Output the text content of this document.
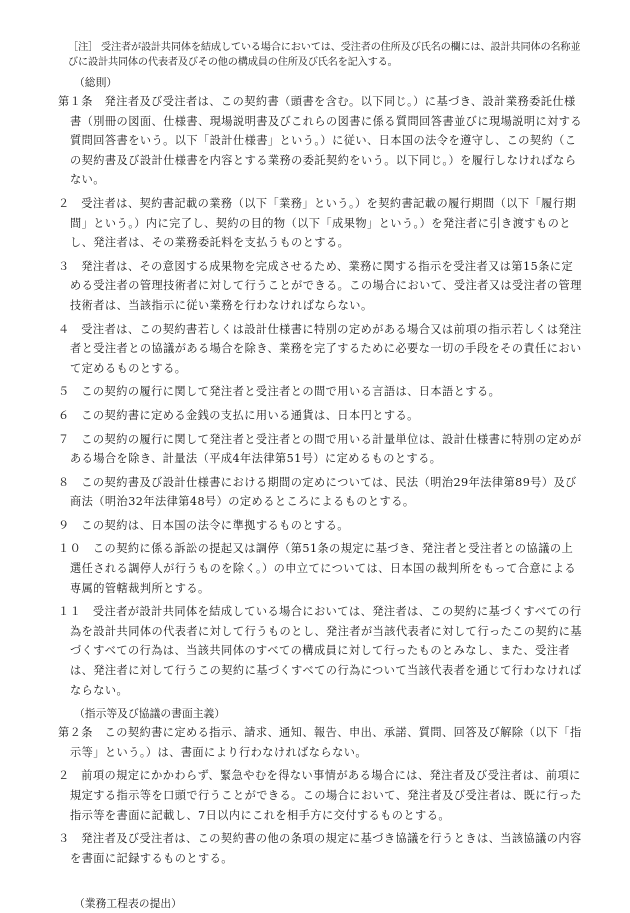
［注］ 受注者が設計共同体を結成している場合においては、受注者の住所及び氏名の欄には、設計共同体の名称並びに設計共同体の代表者及びその他の構成員の住所及び氏名を記入する。

（総則）

第１条　発注者及び受注者は、この契約書（頭書を含む。以下同じ。）に基づき、設計業務委託仕様書（別冊の図面、仕様書、現場説明書及びこれらの図書に係る質問回答書並びに現場説明に対する質問回答書をいう。以下「設計仕様書」という。）に従い、日本国の法令を遵守し、この契約（この契約書及び設計仕様書を内容とする業務の委託契約をいう。以下同じ。）を履行しなければならない。

２　受注者は、契約書記載の業務（以下「業務」という。）を契約書記載の履行期間（以下「履行期間」という。）内に完了し、契約の目的物（以下「成果物」という。）を発注者に引き渡すものとし、発注者は、その業務委託料を支払うものとする。

３　発注者は、その意図する成果物を完成させるため、業務に関する指示を受注者又は第15条に定める受注者の管理技術者に対して行うことができる。この場合において、受注者又は受注者の管理技術者は、当該指示に従い業務を行わなければならない。

４　受注者は、この契約書若しくは設計仕様書に特別の定めがある場合又は前項の指示若しくは発注者と受注者との協議がある場合を除き、業務を完了するために必要な一切の手段をその責任において定めるものとする。

５　この契約の履行に関して発注者と受注者との間で用いる言語は、日本語とする。

６　この契約書に定める金銭の支払に用いる通貨は、日本円とする。

７　この契約の履行に関して発注者と受注者との間で用いる計量単位は、設計仕様書に特別の定めがある場合を除き、計量法（平成4年法律第51号）に定めるものとする。

８　この契約書及び設計仕様書における期間の定めについては、民法（明治29年法律第89号）及び商法（明治32年法律第48号）の定めるところによるものとする。

９　この契約は、日本国の法令に準拠するものとする。

１０　この契約に係る訴訟の提起又は調停（第51条の規定に基づき、発注者と受注者との協議の上選任される調停人が行うものを除く。）の申立てについては、日本国の裁判所をもって合意による専属的管轄裁判所とする。

１１　受注者が設計共同体を結成している場合においては、発注者は、この契約に基づくすべての行為を設計共同体の代表者に対して行うものとし、発注者が当該代表者に対して行ったこの契約に基づくすべての行為は、当該共同体のすべての構成員に対して行ったものとみなし、また、受注者は、発注者に対して行うこの契約に基づくすべての行為について当該代表者を通じて行わなければならない。

（指示等及び協議の書面主義）

第２条　この契約書に定める指示、請求、通知、報告、申出、承諾、質問、回答及び解除（以下「指示等」という。）は、書面により行わなければならない。

２　前項の規定にかかわらず、緊急やむを得ない事情がある場合には、発注者及び受注者は、前項に規定する指示等を口頭で行うことができる。この場合において、発注者及び受注者は、既に行った指示等を書面に記載し、7日以内にこれを相手方に交付するものとする。

３　発注者及び受注者は、この契約書の他の条項の規定に基づき協議を行うときは、当該協議の内容を書面に記録するものとする。

（業務工程表の提出）
